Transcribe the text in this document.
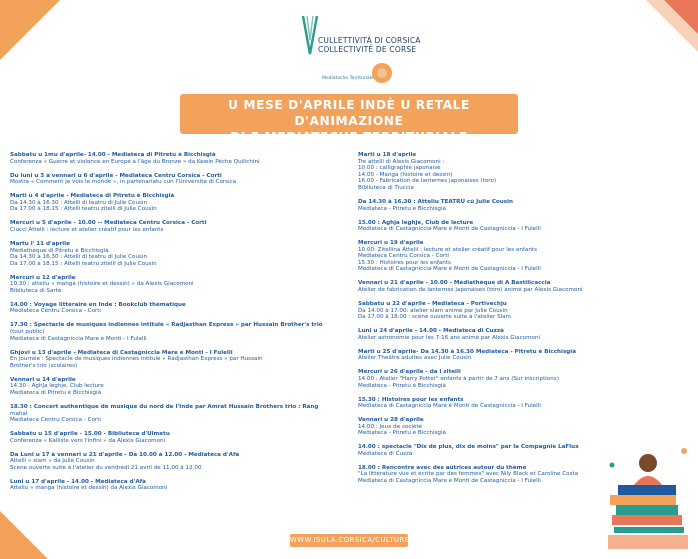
CULLETTIVITÀ DI CORSICA
COLLECTIVITÉ DE CORSE
Mediateche Territuriale
U MESE D'APRILE INDÈ U RETALE D'ANIMAZIONE
DI E MEDIATECHE TERRITURIALE
Sabbatu u 1mu d'aprile- 14.00 - Mediateca di Pitretu è Bicchisgià
Conferenza « Guerre et violence en Europe à l'âge du Bronze » da Kewin Pêche Quilichini
Du luni u 3 à vennari u 6 d'aprile - Mediateca Centru Corsica - Corti
Mostra « Comment je vois le monde », in partenariatu cun l'Università di Corsica
Marti u 4 d'aprile - Mediateca di Pitretu è Bicchisgià
Da 14.30 à 16.30 : Attelli di teatru di Julie Cousin
Da 17.00 à 18.15 : Attelli teatru zitelli di Julie Cousin
Mercuri u 5 d'aprile - 10.00 -- Mediateca Centru Corsica - Corti
Ciucci Attelli : lecture et atelier créatif pour les enfants
Martu l' 11 d'aprile
Médiathèque di Pitretu è Bicchisgià
Da 14.30 à 16.30 : Attelli di teatru di Julie Cousin
Da 17.00 à 18.15 : Attelli teatru zitelli di Julie Cousin
Mercuri u 12 d'aprile
10.30 : atteliu « manga (histoire et dessin) » da Alexis Giacomoni
Bibliuteca di Sartè
14.00 : Voyage littéraire en Inde : Bookclub thématique
Mediateca Centru Corsica - Corti
17.30 : Spectacle de musiques indiennes intitulé « Radjasthan Express » par Hussain Brother's trio
(tout public)
Mediateca di Castagniccia Mare è Monti - I Fulelli
Ghjovi u 13 d'aprile - Mediateca di Castagniccia Mare è Monti - I Fulelli
En journée : Spectacle de musiques indiennes intitulé « Radjasthan Express » par Hussain
Brother's trio (scolaires)
Vennari u 14 d'aprile
14.30 - Aghja leghje, Club lecture
Mediateca di Pitretu è Bicchisgià
18.30 : Concert authentique de musique du nord de l'Inde par Amrat Hussain Brothers trio : Rang
mahal
Mediateca Centru Corsica - Corti
Sabbatu u 15 d'aprile - 15.00 - Bibliuteca d'Ulmetu
Conferenza « Kalliste vers l'infini » da Alexis Giacomoni
Da Luni u 17 à vennari u 21 d'aprile - Da 10.00 à 12.00 - Mediateca d'Afà
Attelli « slam » da Julie Cousin
Scène ouverte suite à l'atelier du vendredi 21 avril de 11.00 à 12.00
Luni u 17 d'aprile - 14.00 - Mediateca d'Afà
Atteliu « manga (histoire et dessin) da Alexis Giacomoni
Marti u 18 d'aprile
Tre attelli di Alexis Giacomoni :
10.00 : calligraphie japonaise
14.00 - Manga (histoire et dessin)
16.00 - Fabrication de lanternes japonaises (toro)
Bibliuteca di Tiuccia
Da 14.30 à 16.30 : Atteliu TEATRU cù Julie Cousin
Mediateca - Pitretu è Bicchisgià
15.00 : Aghja leghje, Club de lecture
Mediateca di Castagniccia Mare è Monti de Castagniccia - I Fulelli
Mercuri u 19 d'aprile
10.00: Zitellina Attelli : lecture et atelier créatif pour les enfants
Mediateca Centru Corsica - Corti
15.30 : Histoires pour les enfants
Mediateca di Castagniccia Mare è Monti de Castagniccia - I Fulelli
Vennari u 21 d'aprile - 10.00 - Médiathèque di A Bastilicaccia
Atelier de fabrication de lanternes japonaises (toro) animé par Alexis Giacomoni
Sabbatu u 22 d'aprile - Mediateca - Portivechju
Da 14.00 à 17.00: atelier slam animé par Julie Cousin
Da 17.00 à 18.00 : scène ouverte suite à l'atelier Slam
Luni u 24 d'aprile - 14.00 - Mediateca di Cuzzà
Atelier astronomie pour les 7-16 ans animé par Alexis Giacomoni
Marti u 25 d'aprile- Da 14.30 à 16.30 Mediateca - Pitretu è Bicchisgià
Atelier Théâtre adultes avec Julie Cousin
Mercuri u 26 d'aprile - da i zitelli
14.00 : Atelier "Harry Potter" enfants à partir de 7 ans (Sur inscriptions)
Mediateca - Pitretu è Bicchisgià
15.30 : Histoires pour les enfants
Mediateca di Castagniccia Mare è Monti de Castagniccia - I Fulelli
Vennari u 28 d'aprile
14.00 : Jeux de société
Mediateca - Pitretu è Bicchisgià
14.00 : spectacle "Dix de plus, dix de moins" par la Compagnie LaFlux
Mediateca di Cuzzà
18.00 : Rencontre avec des autrices autour du thème
"La littérature vue et écrite par des femmes" avec Nily Black et Caroline Costa
Mediateca di Castagniccia Mare è Monti de Castagniccia - I Fulelli
WWW.ISULA.CORSICA/CULTURE/
